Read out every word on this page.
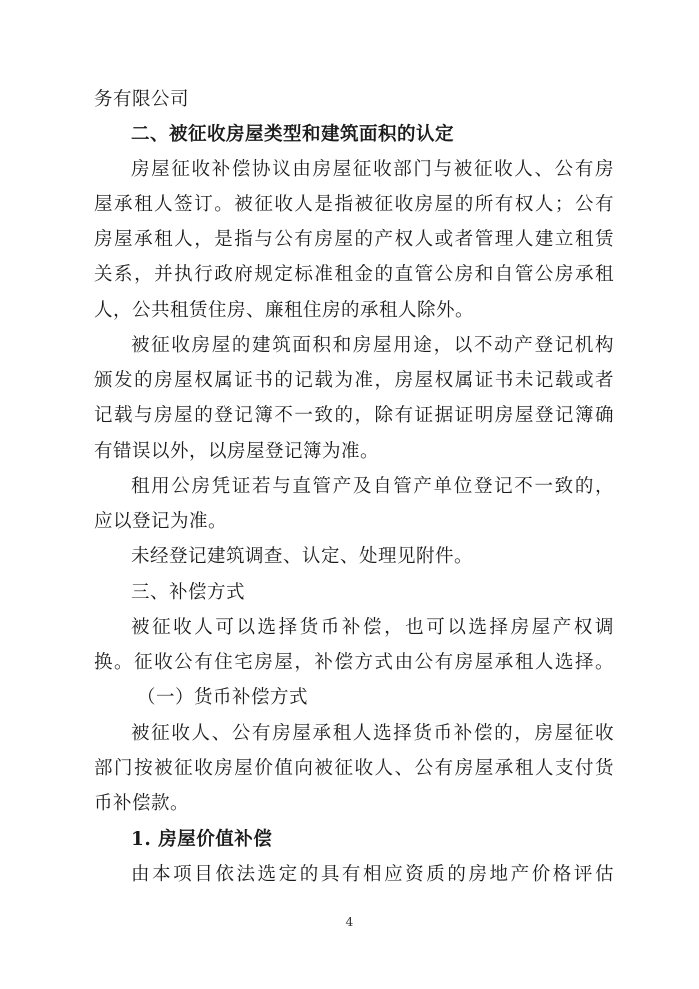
务有限公司
二、被征收房屋类型和建筑面积的认定
房屋征收补偿协议由房屋征收部门与被征收人、公有房
屋承租人签订。被征收人是指被征收房屋的所有权人；公有
房屋承租人，是指与公有房屋的产权人或者管理人建立租赁
关系，并执行政府规定标准租金的直管公房和自管公房承租
人，公共租赁住房、廉租住房的承租人除外。
被征收房屋的建筑面积和房屋用途，以不动产登记机构
颁发的房屋权属证书的记载为准，房屋权属证书未记载或者
记载与房屋的登记簿不一致的，除有证据证明房屋登记簿确
有错误以外，以房屋登记簿为准。
租用公房凭证若与直管产及自管产单位登记不一致的，
应以登记为准。
未经登记建筑调查、认定、处理见附件。
三、补偿方式
被征收人可以选择货币补偿，也可以选择房屋产权调
换。征收公有住宅房屋，补偿方式由公有房屋承租人选择。
（一）货币补偿方式
被征收人、公有房屋承租人选择货币补偿的，房屋征收
部门按被征收房屋价值向被征收人、公有房屋承租人支付货
币补偿款。
1. 房屋价值补偿
由本项目依法选定的具有相应资质的房地产价格评估
4
